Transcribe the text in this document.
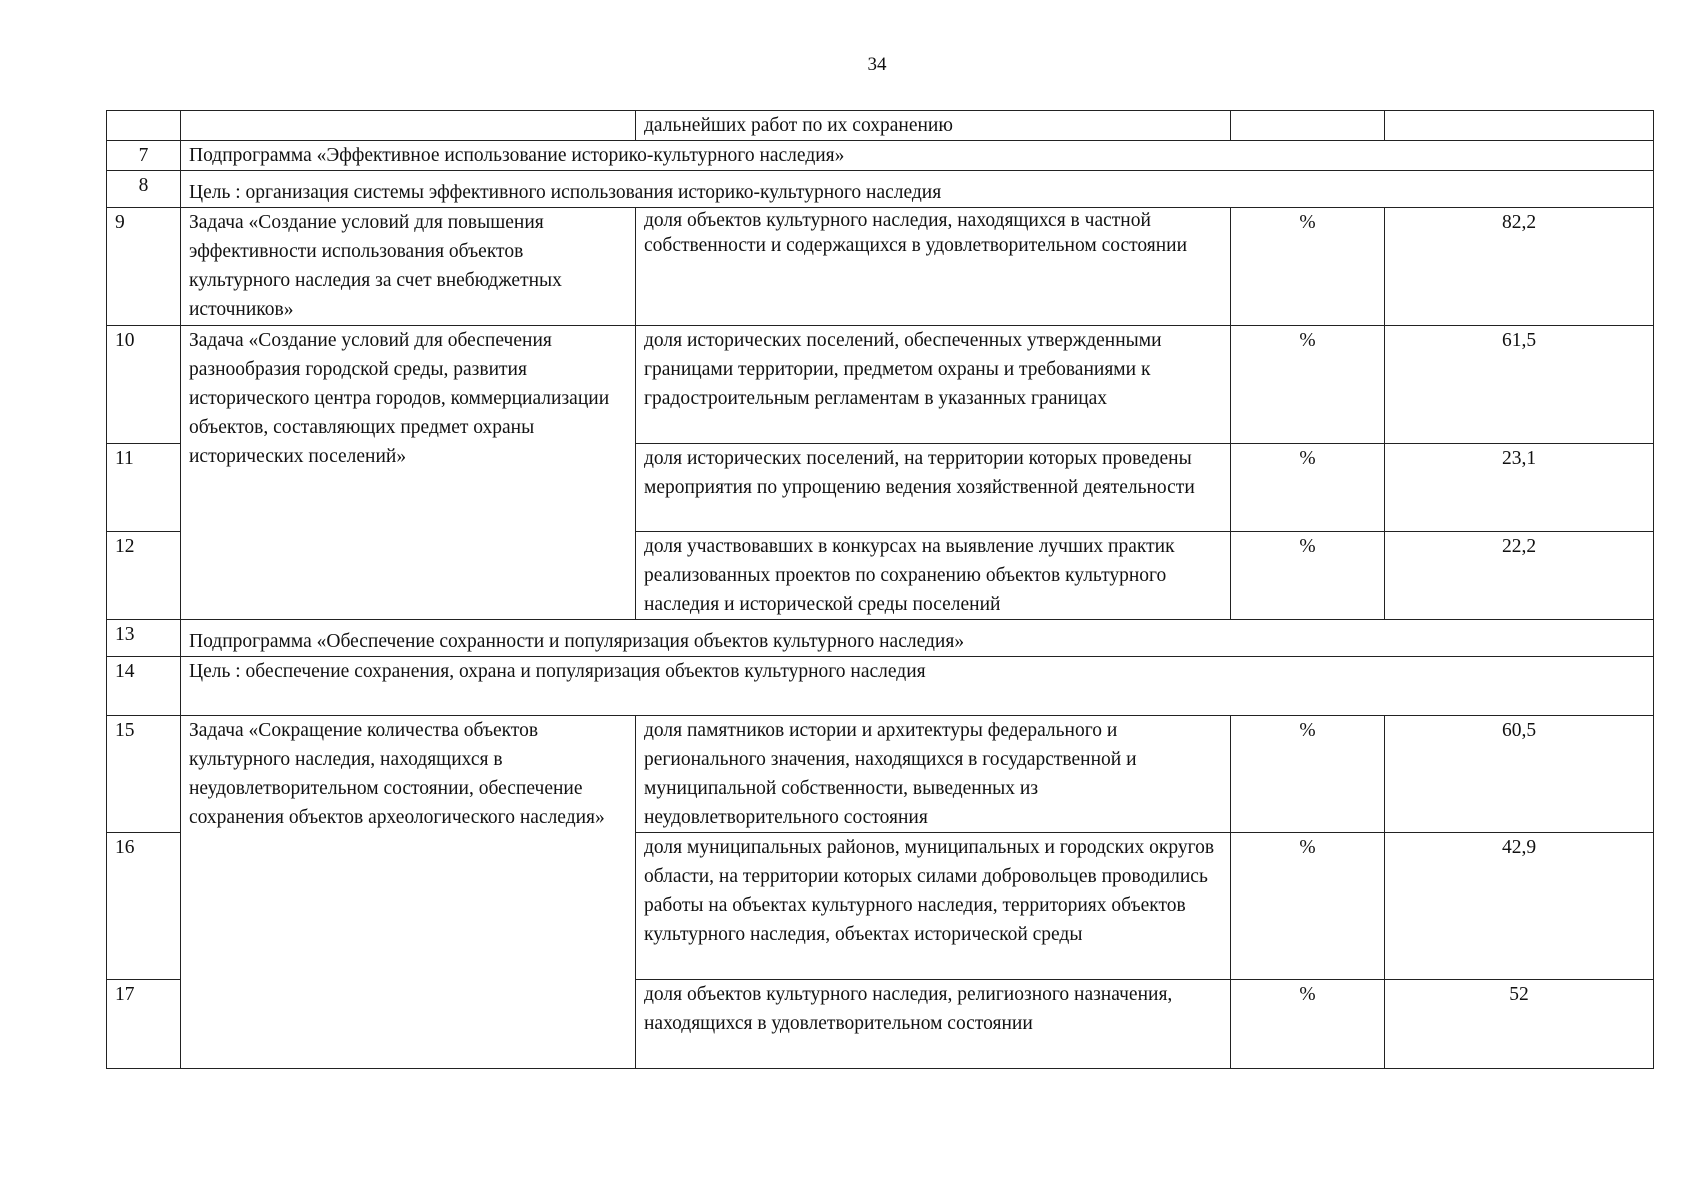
34
		дальнейших работ по их сохранению		
7	Подпрограмма «Эффективное использование историко-культурного наследия»			
8	Цель : организация системы эффективного использования историко-культурного наследия			
9	Задача «Создание условий для повышения эффективности использования объектов культурного наследия за счет внебюджетных источников»	доля объектов культурного наследия, находящихся в частной собственности и содержащихся в удовлетворительном состоянии	%	82,2
10	Задача «Создание условий для обеспечения разнообразия городской среды, развития исторического центра городов, коммерциализации объектов, составляющих предмет охраны исторических поселений»	доля исторических поселений, обеспеченных утвержденными границами территории, предметом охраны и требованиями к градостроительным регламентам в указанных границах	%	61,5
11		доля исторических поселений, на территории которых проведены мероприятия по упрощению ведения хозяйственной деятельности	%	23,1
12		доля участвовавших в конкурсах на выявление лучших практик реализованных проектов по сохранению объектов культурного наследия и исторической среды поселений	%	22,2
13	Подпрограмма «Обеспечение сохранности и популяризация объектов культурного наследия»			
14	Цель : обеспечение сохранения, охрана и популяризация объектов культурного наследия			
15	Задача «Сокращение количества объектов культурного наследия, находящихся в неудовлетворительном состоянии, обеспечение сохранения объектов археологического наследия»	доля памятников истории и архитектуры федерального и регионального значения, находящихся в государственной и муниципальной собственности, выведенных из неудовлетворительного состояния	%	60,5
16		доля муниципальных районов, муниципальных и городских округов области, на территории которых силами добровольцев проводились работы на объектах культурного наследия, территориях объектов культурного наследия, объектах исторической среды	%	42,9
17		доля объектов культурного наследия, религиозного назначения, находящихся в удовлетворительном состоянии	%	52
